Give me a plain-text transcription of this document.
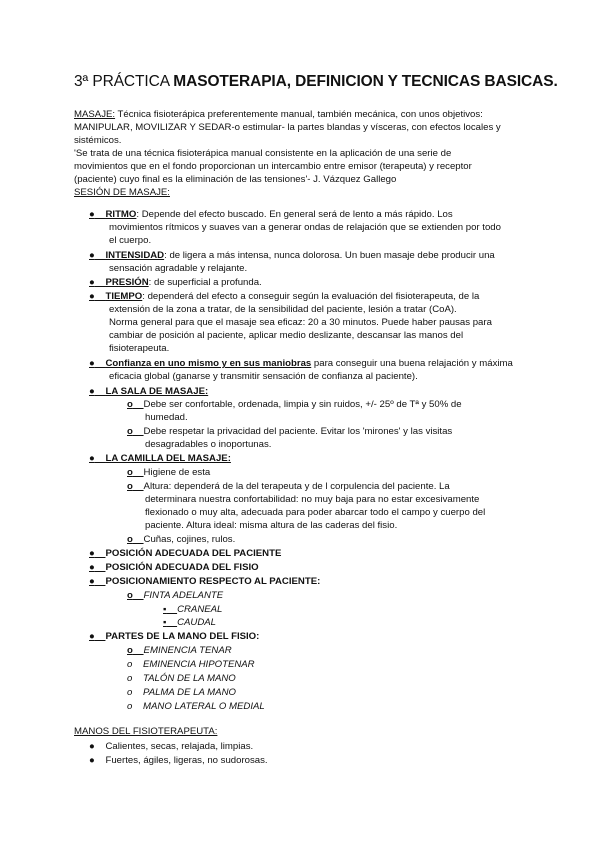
3ª PRÁCTICA MASOTERAPIA, DEFINICION Y TECNICAS BASICAS.
MASAJE: Técnica fisioterápica preferentemente manual, también mecánica, con unos objetivos:
MANIPULAR, MOVILIZAR Y SEDAR-o estimular- la partes blandas y vísceras, con efectos locales y
sistémicos.
'Se trata de una técnica fisioterápica manual consistente en la aplicación de una serie de
movimientos que en el fondo proporcionan un intercambio entre emisor (terapeuta) y receptor
(paciente) cuyo final es la eliminación de las tensiones'- J. Vázquez Gallego
SESIÓN DE MASAJE:
● RITMO: Depende del efecto buscado. En general será de lento a más rápido. Los
movimientos rítmicos y suaves van a generar ondas de relajación que se extienden por todo
el cuerpo.
● INTENSIDAD: de ligera a más intensa, nunca dolorosa. Un buen masaje debe producir una
sensación agradable y relajante.
● PRESIÓN: de superficial a profunda.
● TIEMPO: dependerá del efecto a conseguir según la evaluación del fisioterapeuta, de la
extensión de la zona a tratar, de la sensibilidad del paciente, lesión a tratar (CoA).
Norma general para que el masaje sea eficaz: 20 a 30 minutos. Puede haber pausas para
cambiar de posición al paciente, aplicar medio deslizante, descansar las manos del
fisioterapeuta.
● Confianza en uno mismo y en sus maniobras para conseguir una buena relajación y máxima
eficacia global (ganarse y transmitir sensación de confianza al paciente).
● LA SALA DE MASAJE:
o Debe ser confortable, ordenada, limpia y sin ruidos, +/- 25º de Tª y 50% de
humedad.
o Debe respetar la privacidad del paciente. Evitar los 'mirones' y las visitas
desagradables o inoportunas.
● LA CAMILLA DEL MASAJE:
o Higiene de esta
o Altura: dependerá de la del terapeuta y de l corpulencia del paciente. La
determinara nuestra confortabilidad: no muy baja para no estar excesivamente
flexionado o muy alta, adecuada para poder abarcar todo el campo y cuerpo del
paciente. Altura ideal: misma altura de las caderas del fisio.
o Cuñas, cojines, rulos.
● POSICIÓN ADECUADA DEL PACIENTE
● POSICIÓN ADECUADA DEL FISIO
● POSICIONAMIENTO RESPECTO AL PACIENTE:
o FINTA ADELANTE
▪ CRANEAL
▪ CAUDAL
● PARTES DE LA MANO DEL FISIO:
o EMINENCIA TENAR
o EMINENCIA HIPOTENAR
o TALÓN DE LA MANO
o PALMA DE LA MANO
o MANO LATERAL O MEDIAL
MANOS DEL FISIOTERAPEUTA:
● Calientes, secas, relajada, limpias.
● Fuertes, ágiles, ligeras, no sudorosas.
